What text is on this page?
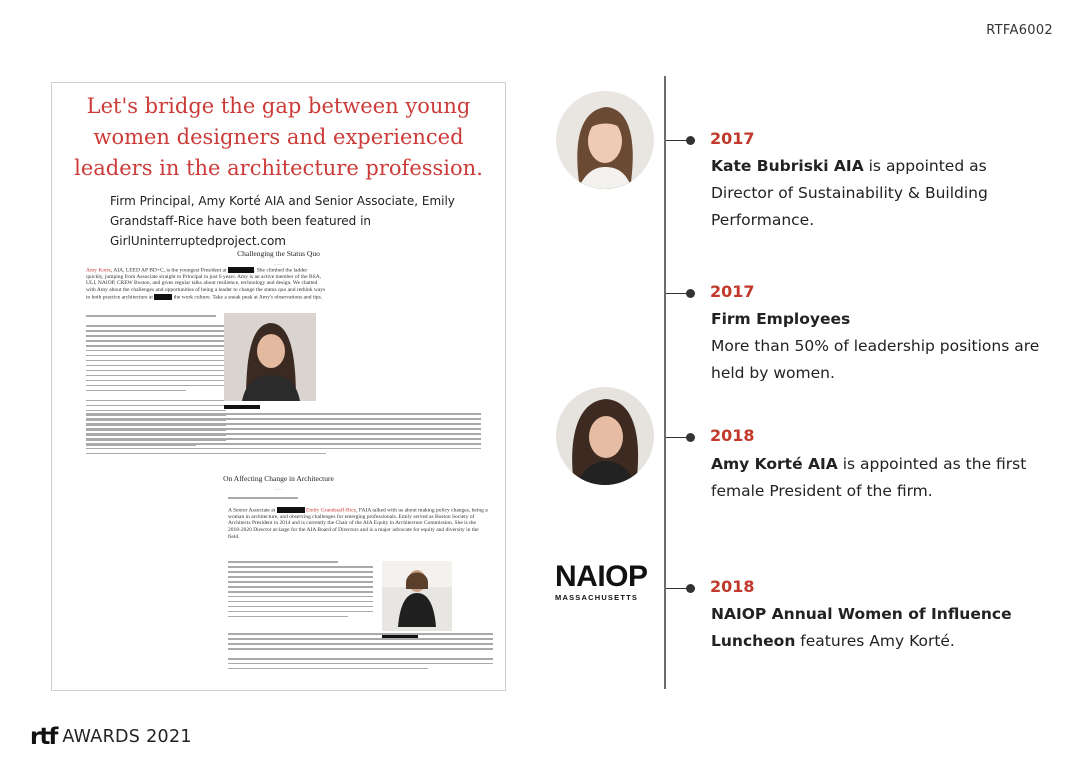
RTFA6002
Let's bridge the gap between young
women designers and experienced
leaders in the architecture profession.
Firm Principal, Amy Korté AIA and Senior Associate, Emily Grandstaff-Rice have both been featured in GirlUninterruptedproject.com
Challenging the Status Quo
———
Amy Korte, AIA, LEED AP BD+C, is the youngest President at	. She climbed the ladder quickly, jumping from Associate straight to Principal in just 6 years. Amy is an active member of the BSA, ULI, NAIOP, CREW Boston, and gives regular talks about resilience, technology and design. We chatted with Amy about the challenges and opportunities of being a leader to change the status quo and rethink ways to both practice architecture at	the work culture. Take a sneak peak at Amy's observations and tips.
On Affecting Change in Architecture
———
A Senior Associate at	Emily Grandstaff-Rice, FAIA talked with us about making policy changes, being a woman in architecture, and observing challenges for emerging professionals. Emily served as Boston Society of Architects President in 2014 and is currently the Chair of the AIA Equity in Architecture Commission. She is the 2018-2020 Director at-large for the AIA Board of Directors and is a major advocate for equity and diversity in the field.
NAIOP
MASSACHUSETTS
2017
Kate Bubriski AIA is appointed as Director of Sustainability & Building Performance.
2017
Firm Employees
More than 50% of leadership positions are held by women.
2018
Amy Korté AIA is appointed as the first female President of the firm.
2018
NAIOP Annual Women of Influence Luncheon features Amy Korté.
rtf AWARDS 2021
